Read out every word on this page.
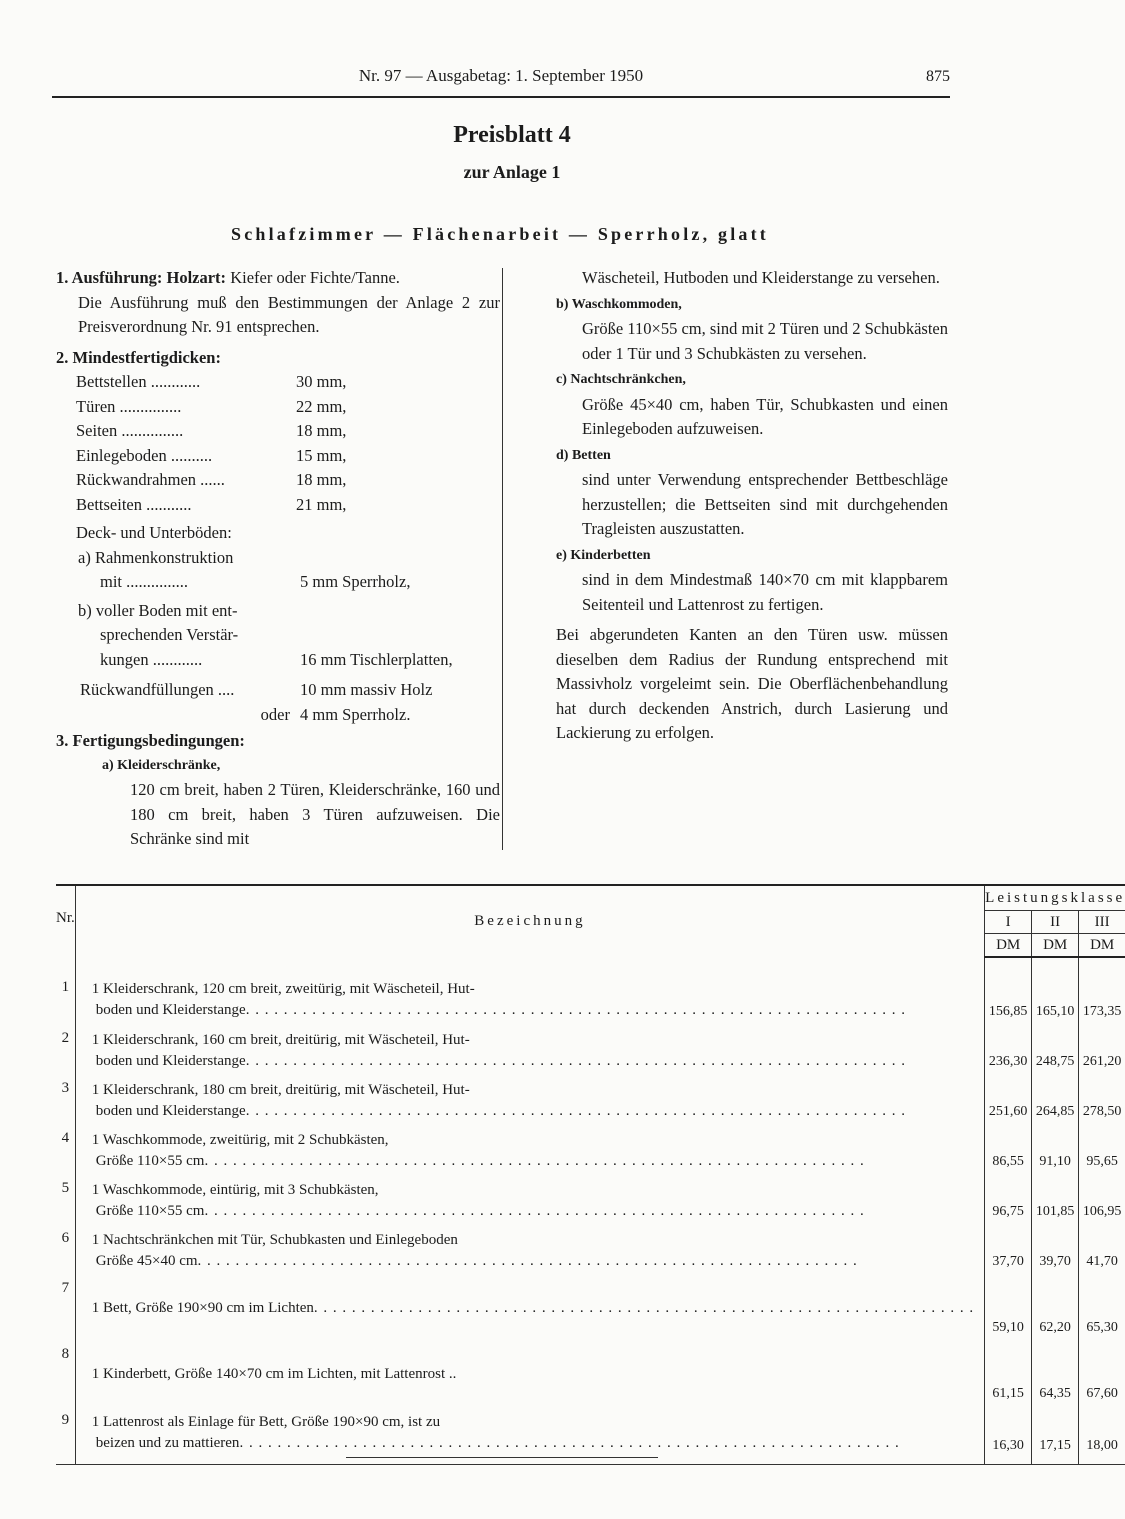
Nr. 97 — Ausgabetag: 1. September 1950	875
Preisblatt 4
zur Anlage 1
Schlafzimmer — Flächenarbeit — Sperrholz, glatt

1. Ausführung: Holzart: Kiefer oder Fichte/Tanne.

Die Ausführung muß den Bestimmungen der Anlage 2 zur Preisverordnung Nr. 91 entsprechen.

2. Mindestfertigdicken:

Bettstellen ............	30 mm,
Türen ...............	22 mm,
Seiten ...............	18 mm,
Einlegeboden ..........	15 mm,
Rückwandrahmen ......	18 mm,
Bettseiten ...........	21 mm,

Deck- und Unterböden:

a) Rahmenkonstruktion
mit ...............	5 mm Sperrholz,
b) voller Boden mit ent-
sprechenden Verstär-
kungen ............	16 mm Tischlerplatten,
Rückwandfüllungen ....	10 mm massiv Holz
oder 4 mm Sperrholz.

3. Fertigungsbedingungen:

a) Kleiderschränke,

120 cm breit, haben 2 Türen, Kleiderschränke, 160 und 180 cm breit, haben 3 Türen aufzuweisen. Die Schränke sind mit

Wäscheteil, Hutboden und Kleiderstange zu versehen.

b) Waschkommoden,

Größe 110×55 cm, sind mit 2 Türen und 2 Schubkästen oder 1 Tür und 3 Schubkästen zu versehen.

c) Nachtschränkchen,

Größe 45×40 cm, haben Tür, Schubkasten und einen Einlegeboden aufzuweisen.

d) Betten

sind unter Verwendung entsprechender Bettbeschläge herzustellen; die Bettseiten sind mit durchgehenden Tragleisten auszustatten.

e) Kinderbetten

sind in dem Mindestmaß 140×70 cm mit klappbarem Seitenteil und Lattenrost zu fertigen.

Bei abgerundeten Kanten an den Türen usw. müssen dieselben dem Radius der Rundung entsprechend mit Massivholz vorgeleimt sein. Die Oberflächenbehandlung hat durch deckenden Anstrich, durch Lasierung und Lackierung zu erfolgen.

Nr.	Bezeichnung	Leistungsklasse		
		I	II	III
		DM	DM	DM
1	1 Kleiderschrank, 120 cm breit, zweitürig, mit Wäscheteil, Hut-
boden und Kleiderstange . . . . . . . . . . . . . . . . . . . . . . . . . . . . . . . . . . . . . . . . . . . . . . . . . . . . . . . . . . . . . . . . . . . . . .	156,85	165,10	173,35
2	1 Kleiderschrank, 160 cm breit, dreitürig, mit Wäscheteil, Hut-
boden und Kleiderstange . . . . . . . . . . . . . . . . . . . . . . . . . . . . . . . . . . . . . . . . . . . . . . . . . . . . . . . . . . . . . . . . . . . . . .	236,30	248,75	261,20
3	1 Kleiderschrank, 180 cm breit, dreitürig, mit Wäscheteil, Hut-
boden und Kleiderstange . . . . . . . . . . . . . . . . . . . . . . . . . . . . . . . . . . . . . . . . . . . . . . . . . . . . . . . . . . . . . . . . . . . . . .	251,60	264,85	278,50
4	1 Waschkommode, zweitürig, mit 2 Schubkästen,
Größe 110×55 cm . . . . . . . . . . . . . . . . . . . . . . . . . . . . . . . . . . . . . . . . . . . . . . . . . . . . . . . . . . . . . . . . . . . . . .	86,55	91,10	95,65
5	1 Waschkommode, eintürig, mit 3 Schubkästen,
Größe 110×55 cm . . . . . . . . . . . . . . . . . . . . . . . . . . . . . . . . . . . . . . . . . . . . . . . . . . . . . . . . . . . . . . . . . . . . . .	96,75	101,85	106,95
6	1 Nachtschränkchen mit Tür, Schubkasten und Einlegeboden
Größe 45×40 cm . . . . . . . . . . . . . . . . . . . . . . . . . . . . . . . . . . . . . . . . . . . . . . . . . . . . . . . . . . . . . . . . . . . . . .	37,70	39,70	41,70
7	1 Bett, Größe 190×90 cm im Lichten . . . . . . . . . . . . . . . . . . . . . . . . . . . . . . . . . . . . . . . . . . . . . . . . . . . . . . . . . . . . . . . . . . . . . .	59,10	62,20	65,30
8	1 Kinderbett, Größe 140×70 cm im Lichten, mit Lattenrost ..	61,15	64,35	67,60
9	1 Lattenrost als Einlage für Bett, Größe 190×90 cm, ist zu
beizen und zu mattieren . . . . . . . . . . . . . . . . . . . . . . . . . . . . . . . . . . . . . . . . . . . . . . . . . . . . . . . . . . . . . . . . . . . . . .	16,30	17,15	18,00
